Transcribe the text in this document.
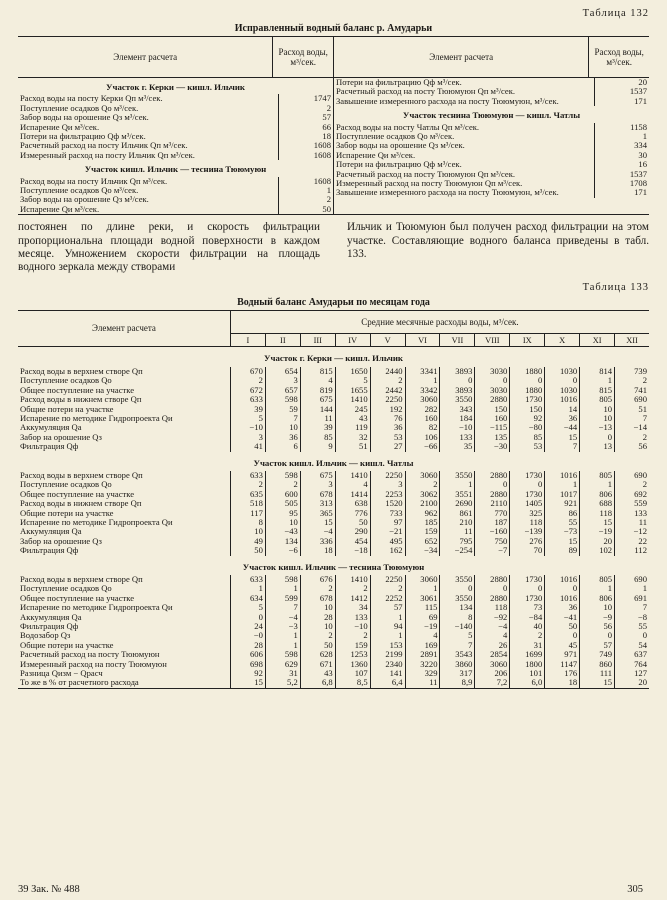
Таблица 132
Исправленный водный баланс р. Амударьи
Элемент расчета	Расход воды, м³/сек.	Элемент расчета	Расход воды, м³/сек.

Участок г. Керки — кишл. Ильчик
Расход воды на посту Керки Qп м³/сек.	1747
Поступление осадков Qо м³/сек.	2
Забор воды на орошение Qз м³/сек.	57
Испарение Qи м³/сек.	66
Потери на фильтрацию Qф м³/сек.	18
Расчетный расход на посту Ильчик Qп м³/сек.	1608
Измеренный расход на посту Ильчик Qп м³/сек.	1608
Участок кишл. Ильчик — теснина Тююмуюн
Расход воды на посту Ильчик Qп м³/сек.	1608
Поступление осадков Qо м³/сек.	1
Забор воды на орошение Qз м³/сек.	2
Испарение Qи м³/сек.	50

Потери на фильтрацию Qф м³/сек.	20
Расчетный расход на посту Тююмуюн Qп м³/сек.	1537
Завышение измеренного расхода на посту Тююмуюн, м³/сек.	171
Участок теснина Тююмуюн — кишл. Чатлы
Расход воды на посту Чатлы Qп м³/сек.	1158
Поступление осадков Qо м³/сек.	1
Забор воды на орошение Qз м³/сек.	334
Испарение Qи м³/сек.	30
Потери на фильтрацию Qф м³/сек.	16
Расчетный расход на посту Тююмуюн Qп м³/сек.	1537
Измеренный расход на посту Тююмуюн Qп м³/сек.	1708
Завышение измеренного расхода на посту Тююмуюн, м³/сек.	171
постоянен по длине реки, и скорость фильтрации пропорциональна площади водной поверхности в каждом месяце. Умножением скорости фильтрации на площадь водного зеркала между створами
Ильчик и Тююмуюн был получен расход фильтрации на этом участке. Составляющие водного баланса приведены в табл. 133.
Таблица 133
Водный баланс Амударьи по месяцам года
Элемент расчета	Средние месячные расходы воды, м³/сек.											
	I	II	III	IV	V	VI	VII	VIII	IX	X	XI	XII
Участок г. Керки — кишл. Ильчик												
Расход воды в верхнем створе Qп	670	654	815	1650	2440	3341	3893	3030	1880	1030	814	739
Поступление осадков Qо	2	3	4	5	2	1	0	0	0	0	1	2
Общее поступление на участке	672	657	819	1655	2442	3342	3893	3030	1880	1030	815	741
Расход воды в нижнем створе Qп	633	598	675	1410	2250	3060	3550	2880	1730	1016	805	690
Общие потери на участке	39	59	144	245	192	282	343	150	150	14	10	51
Испарение по методике Гидропроекта Qи	5	7	11	43	76	160	184	160	92	36	10	7
Аккумуляция Qа	−10	10	39	119	36	82	−10	−115	−80	−44	−13	−14
Забор на орошение Qз	3	36	85	32	53	106	133	135	85	15	0	2
Фильтрация Qф	41	6	9	51	27	−66	35	−30	53	7	13	56
Участок кишл. Ильчик — кишл. Чатлы												
Расход воды в верхнем створе Qп	633	598	675	1410	2250	3060	3550	2880	1730	1016	805	690
Поступление осадков Qо	2	2	3	4	3	2	1	0	0	1	1	2
Общее поступление на участке	635	600	678	1414	2253	3062	3551	2880	1730	1017	806	692
Расход воды в нижнем створе Qп	518	505	313	638	1520	2100	2690	2110	1405	921	688	559
Общие потери на участке	117	95	365	776	733	962	861	770	325	86	118	133
Испарение по методике Гидропроекта Qи	8	10	15	50	97	185	210	187	118	55	15	11
Аккумуляция Qа	10	−43	−4	290	−21	159	11	−160	−139	−73	−19	−12
Забор на орошение Qз	49	134	336	454	495	652	795	750	276	15	20	22
Фильтрация Qф	50	−6	18	−18	162	−34	−254	−7	70	89	102	112
Участок кишл. Ильчик — теснина Тююмуюн												
Расход воды в верхнем створе Qп	633	598	676	1410	2250	3060	3550	2880	1730	1016	805	690
Поступление осадков Qо	1	1	2	2	2	1	0	0	0	0	1	1
Общее поступление на участке	634	599	678	1412	2252	3061	3550	2880	1730	1016	806	691
Испарение по методике Гидропроекта Qи	5	7	10	34	57	115	134	118	73	36	10	7
Аккумуляция Qа	0	−4	28	133	1	69	8	−92	−84	−41	−9	−8
Фильтрация Qф	24	−3	10	−10	94	−19	−140	−4	40	50	56	55
Водозабор Qз	−0	1	2	2	1	4	5	4	2	0	0	0
Общие потери на участке	28	1	50	159	153	169	7	26	31	45	57	54
Расчетный расход на посту Тююмуюн	606	598	628	1253	2199	2891	3543	2854	1699	971	749	637
Измеренный расход на посту Тююмуюн	698	629	671	1360	2340	3220	3860	3060	1800	1147	860	764
Разница Qизм − Qрасч	92	31	43	107	141	329	317	206	101	176	111	127
То же в % от расчетного расхода	15	5,2	6,8	8,5	6,4	11	8,9	7,2	6,0	18	15	20
39 Зак. № 488	305
